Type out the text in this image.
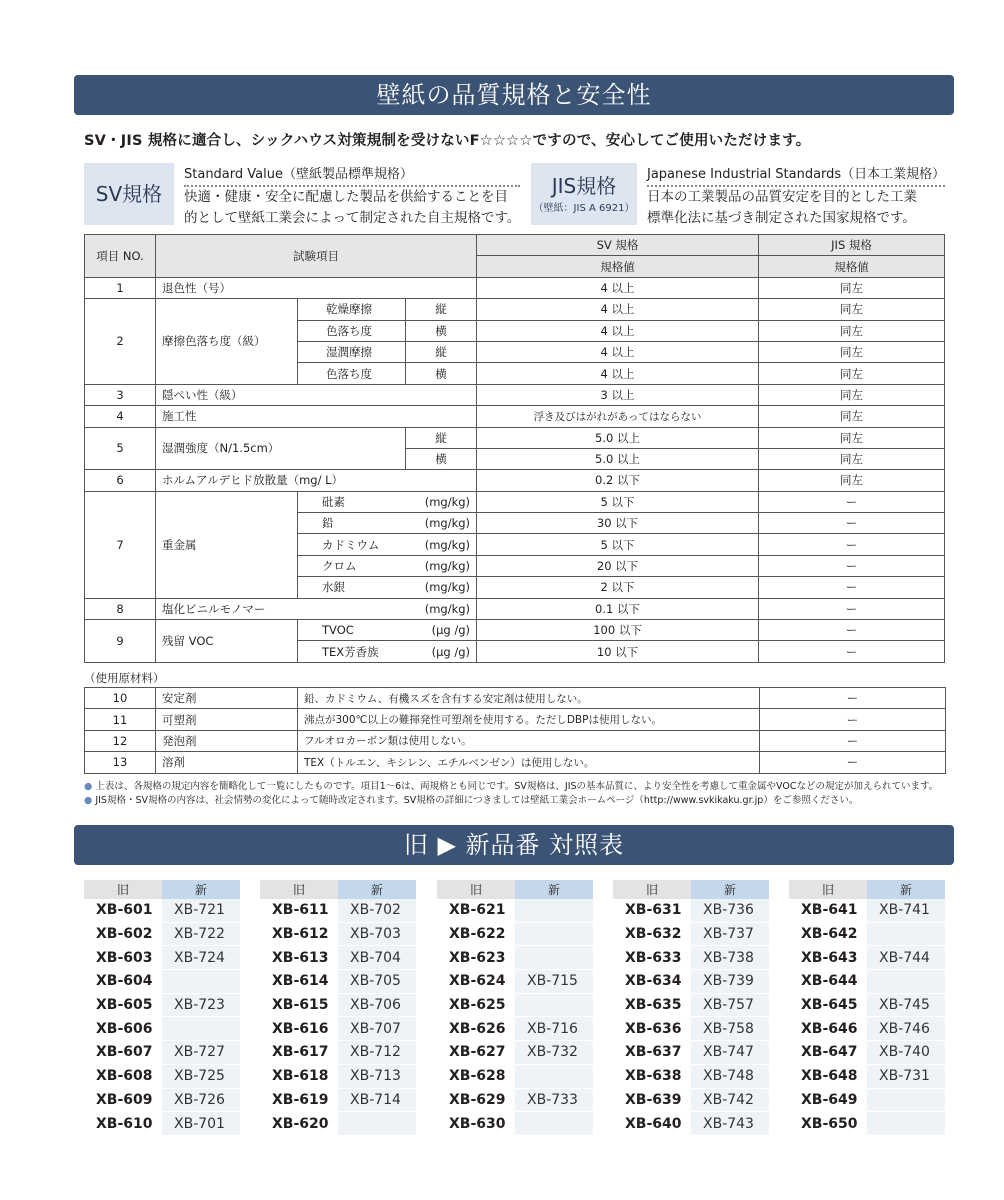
壁紙の品質規格と安全性
SV・JIS 規格に適合し、シックハウス対策規制を受けないF☆☆☆☆ですので、安心してご使用いただけます。
SV規格
Standard Value（壁紙製品標準規格）
快適・健康・安全に配慮した製品を供給することを目
的として壁紙工業会によって制定された自主規格です。
JIS規格
（壁紙：JIS A 6921）
Japanese Industrial Standards（日本工業規格）
日本の工業製品の品質安定を目的とした工業
標準化法に基づき制定された国家規格です。
項目 NO.	試験項目			SV 規格	JIS 規格
				規格値	規格値
1	退色性（号）			4 以上	同左
2	摩擦色落ち度（級）	乾燥摩擦	縦	4 以上	同左
		色落ち度	横	4 以上	同左
		湿潤摩擦	縦	4 以上	同左
		色落ち度	横	4 以上	同左
3	隠ぺい性（級）			3 以上	同左
4	施工性			浮き及びはがれがあってはならない	同左
5	湿潤強度（N/1.5cm）		縦	5.0 以上	同左
			横	5.0 以上	同左
6	ホルムアルデヒド放散量（mg/ L）			0.2 以下	同左
7	重金属	砒素	(mg/kg)	5 以下	ー
		鉛	(mg/kg)	30 以下	ー
		カドミウム	(mg/kg)	5 以下	ー
		クロム	(mg/kg)	20 以下	ー
		水銀	(mg/kg)	2 以下	ー
8	塩化ビニルモノマー		(mg/kg)	0.1 以下	ー
9	残留 VOC	TVOC	(μg /g)	100 以下	ー
		TEX芳香族	(μg /g)	10 以下	ー
（使用原材料）
10	安定剤	鉛、カドミウム、有機スズを含有する安定剤は使用しない。	ー
11	可塑剤	沸点が300℃以上の難揮発性可塑剤を使用する。ただしDBPは使用しない。	ー
12	発泡剤	フルオロカーボン類は使用しない。	ー
13	溶剤	TEX（トルエン、キシレン、エチルベンゼン）は使用しない。	ー
● 上表は、各規格の規定内容を簡略化して一覧にしたものです。項目1〜6は、両規格とも同じです。SV規格は、JISの基本品質に、より安全性を考慮して重金属やVOCなどの規定が加えられています。
● JIS規格・SV規格の内容は、社会情勢の変化によって随時改定されます。SV規格の詳細につきましては壁紙工業会ホームページ（http://www.svkikaku.gr.jp）をご参照ください。
旧 ▶ 新品番 対照表
旧	新
XB-601	XB-721
XB-602	XB-722
XB-603	XB-724
XB-604	
XB-605	XB-723
XB-606	
XB-607	XB-727
XB-608	XB-725
XB-609	XB-726
XB-610	XB-701
旧	新
XB-611	XB-702
XB-612	XB-703
XB-613	XB-704
XB-614	XB-705
XB-615	XB-706
XB-616	XB-707
XB-617	XB-712
XB-618	XB-713
XB-619	XB-714
XB-620	
旧	新
XB-621	
XB-622	
XB-623	
XB-624	XB-715
XB-625	
XB-626	XB-716
XB-627	XB-732
XB-628	
XB-629	XB-733
XB-630	
旧	新
XB-631	XB-736
XB-632	XB-737
XB-633	XB-738
XB-634	XB-739
XB-635	XB-757
XB-636	XB-758
XB-637	XB-747
XB-638	XB-748
XB-639	XB-742
XB-640	XB-743
旧	新
XB-641	XB-741
XB-642	
XB-643	XB-744
XB-644	
XB-645	XB-745
XB-646	XB-746
XB-647	XB-740
XB-648	XB-731
XB-649	
XB-650	
